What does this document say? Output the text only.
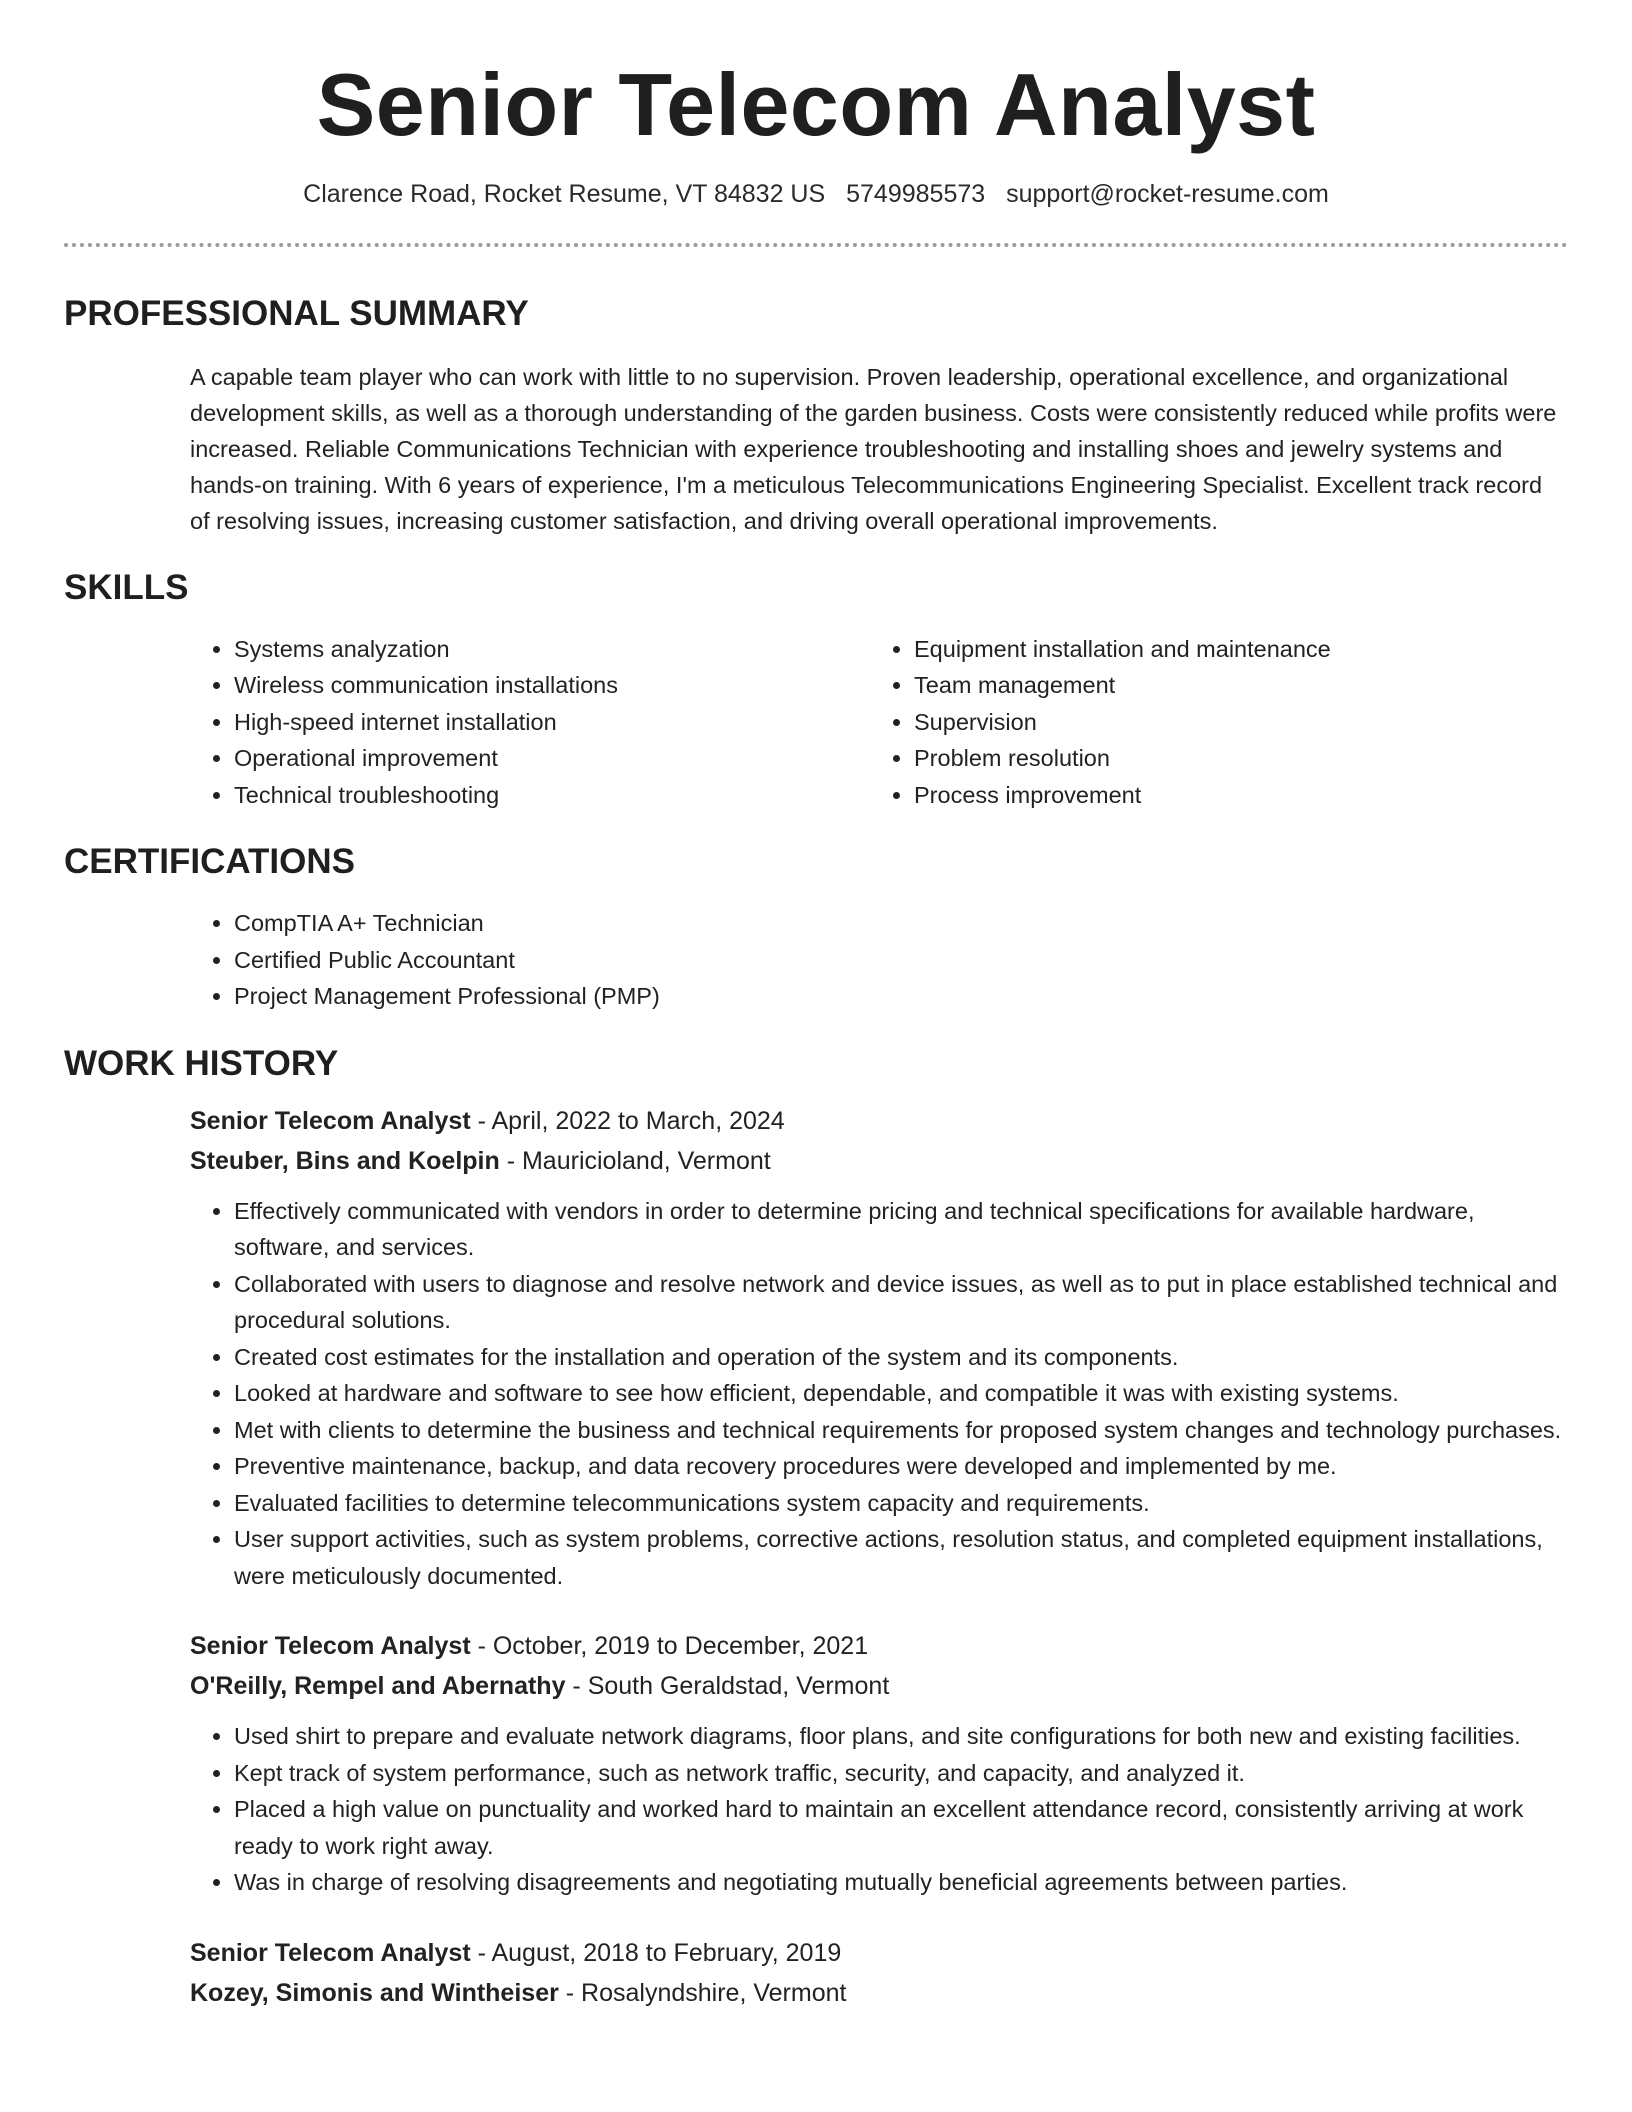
Senior Telecom Analyst
Clarence Road, Rocket Resume, VT 84832 US 5749985573 support@rocket-resume.com
PROFESSIONAL SUMMARY

A capable team player who can work with little to no supervision. Proven leadership, operational excellence, and organizational development skills, as well as a thorough understanding of the garden business. Costs were consistently reduced while profits were increased. Reliable Communications Technician with experience troubleshooting and installing shoes and jewelry systems and hands-on training. With 6 years of experience, I'm a meticulous Telecommunications Engineering Specialist. Excellent track record of resolving issues, increasing customer satisfaction, and driving overall operational improvements.

SKILLS
• Systems analyzation
• Wireless communication installations
• High-speed internet installation
• Operational improvement
• Technical troubleshooting
• Equipment installation and maintenance
• Team management
• Supervision
• Problem resolution
• Process improvement
CERTIFICATIONS
• CompTIA A+ Technician
• Certified Public Accountant
• Project Management Professional (PMP)
WORK HISTORY
Senior Telecom Analyst - April, 2022 to March, 2024
Steuber, Bins and Koelpin - Mauricioland, Vermont
• Effectively communicated with vendors in order to determine pricing and technical specifications for available hardware, software, and services.
• Collaborated with users to diagnose and resolve network and device issues, as well as to put in place established technical and procedural solutions.
• Created cost estimates for the installation and operation of the system and its components.
• Looked at hardware and software to see how efficient, dependable, and compatible it was with existing systems.
• Met with clients to determine the business and technical requirements for proposed system changes and technology purchases.
• Preventive maintenance, backup, and data recovery procedures were developed and implemented by me.
• Evaluated facilities to determine telecommunications system capacity and requirements.
• User support activities, such as system problems, corrective actions, resolution status, and completed equipment installations, were meticulously documented.
Senior Telecom Analyst - October, 2019 to December, 2021
O'Reilly, Rempel and Abernathy - South Geraldstad, Vermont
• Used shirt to prepare and evaluate network diagrams, floor plans, and site configurations for both new and existing facilities.
• Kept track of system performance, such as network traffic, security, and capacity, and analyzed it.
• Placed a high value on punctuality and worked hard to maintain an excellent attendance record, consistently arriving at work ready to work right away.
• Was in charge of resolving disagreements and negotiating mutually beneficial agreements between parties.
Senior Telecom Analyst - August, 2018 to February, 2019
Kozey, Simonis and Wintheiser - Rosalyndshire, Vermont
